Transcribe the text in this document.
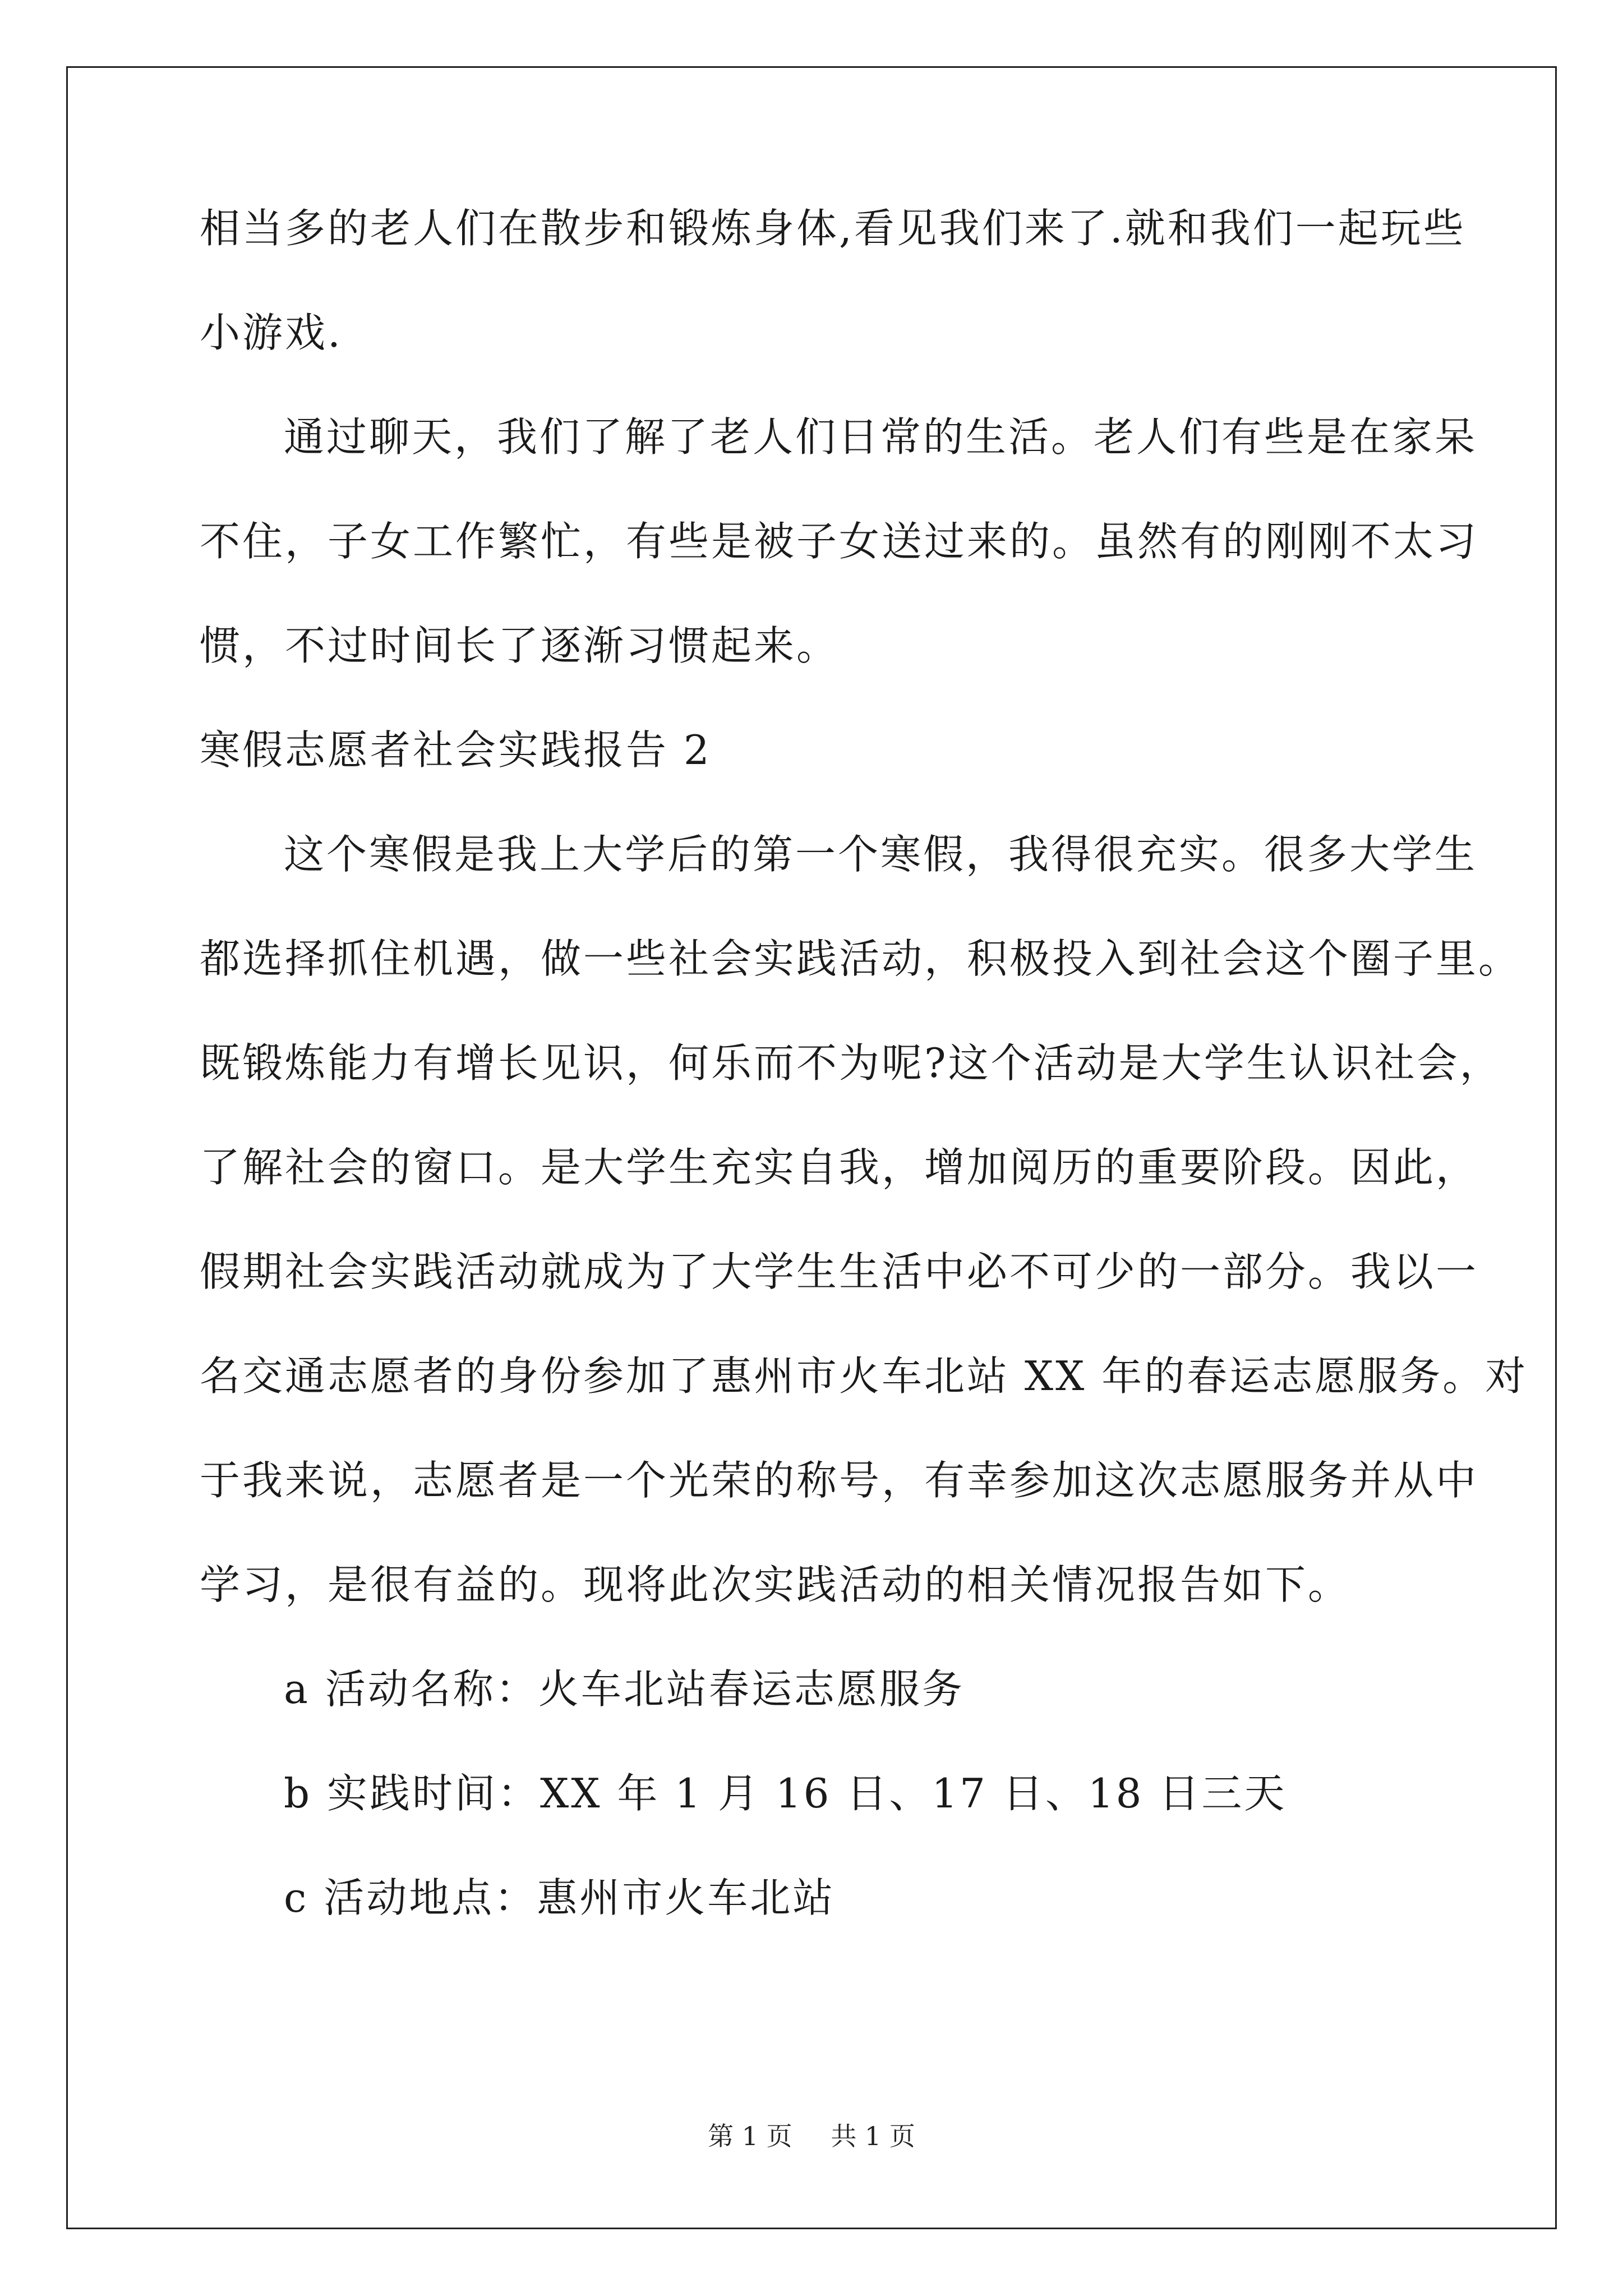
相当多的老人们在散步和锻炼身体,看见我们来了.就和我们一起玩些

小游戏.

通过聊天，我们了解了老人们日常的生活。老人们有些是在家呆

不住，子女工作繁忙，有些是被子女送过来的。虽然有的刚刚不太习

惯，不过时间长了逐渐习惯起来。

寒假志愿者社会实践报告 2

这个寒假是我上大学后的第一个寒假，我得很充实。很多大学生

都选择抓住机遇，做一些社会实践活动，积极投入到社会这个圈子里。

既锻炼能力有增长见识，何乐而不为呢?这个活动是大学生认识社会，

了解社会的窗口。是大学生充实自我，增加阅历的重要阶段。因此，

假期社会实践活动就成为了大学生生活中必不可少的一部分。我以一

名交通志愿者的身份参加了惠州市火车北站 XX 年的春运志愿服务。对

于我来说，志愿者是一个光荣的称号，有幸参加这次志愿服务并从中

学习，是很有益的。现将此次实践活动的相关情况报告如下。

a 活动名称：火车北站春运志愿服务

b 实践时间：XX 年 1 月 16 日、17 日、18 日三天

c 活动地点：惠州市火车北站

第 1 页 共 1 页
